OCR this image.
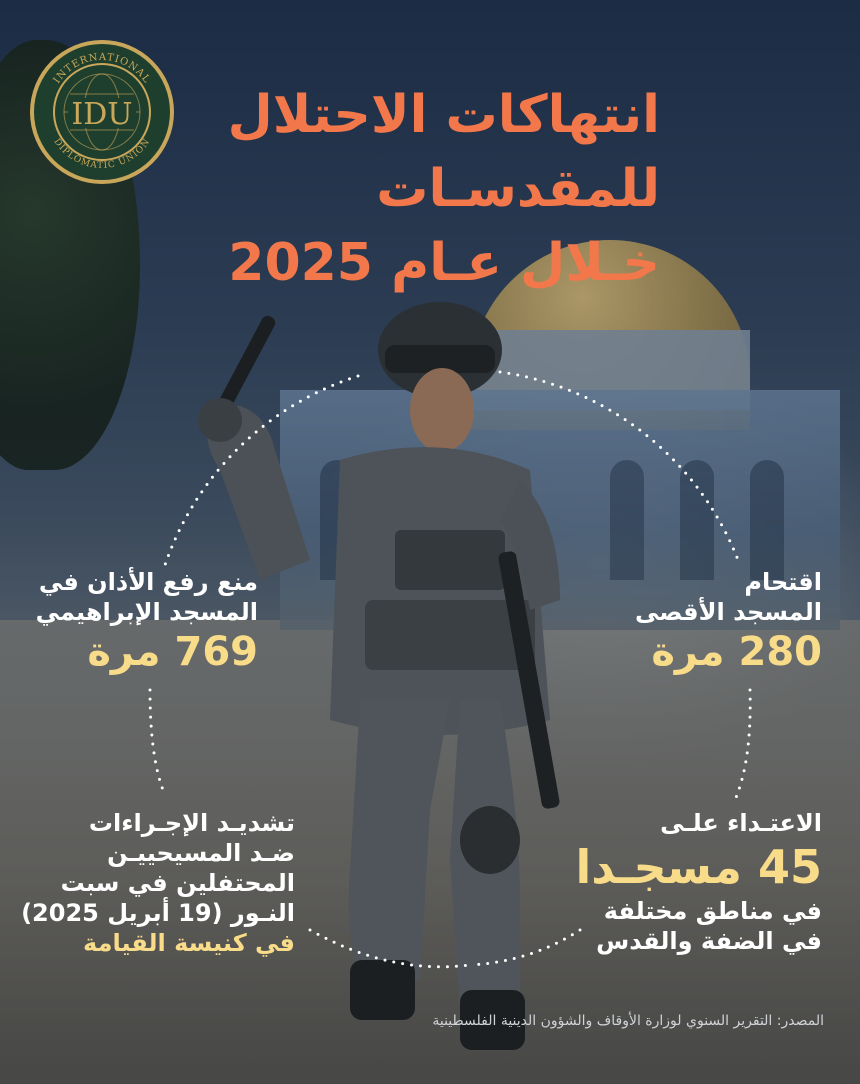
INTERNATIONAL
DIPLOMATIC UNION
IDU	انتهاكات الاحتلال
للمقدسـات
خـلال عـام 2025
منع رفع الأذان في
المسجد الإبراهيمي
769 مرة
اقتحام
المسجد الأقصى
280 مرة
تشديـد الإجـراءات
ضـد المسيحييـن
المحتفلين في سبت
النـور (19 أبريل 2025)
في كنيسة القيامة
الاعتـداء علـى
45 مسجـدا
في مناطق مختلفة
في الضفة والقدس
المصدر: التقرير السنوي لوزارة الأوقاف والشؤون الدينية الفلسطينية
